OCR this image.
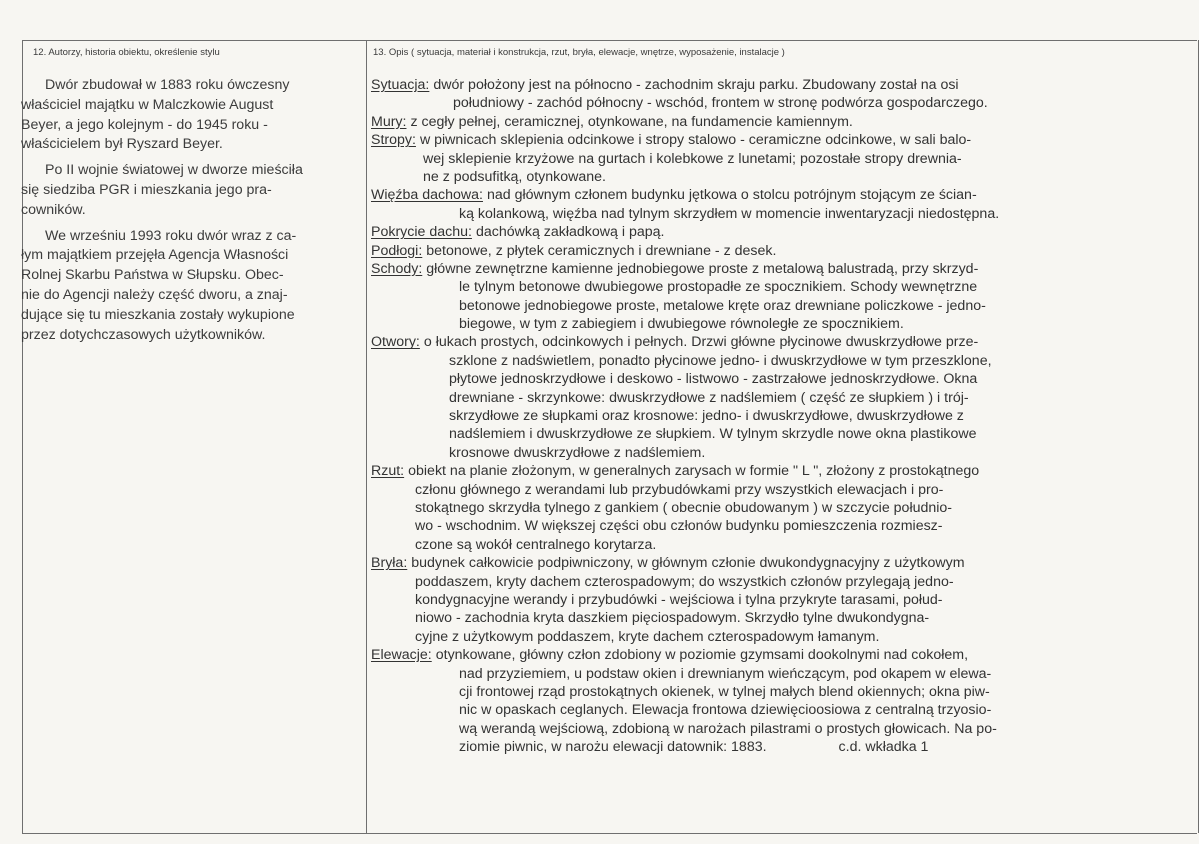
12. Autorzy, historia obiektu, określenie stylu	13. Opis ( sytuacja, materiał i konstrukcja, rzut, bryła, elewacje, wnętrze, wyposażenie, instalacje )

Dwór zbudował w 1883 roku ówczesny
właściciel majątku w Malczkowie August
Beyer, a jego kolejnym - do 1945 roku -
właścicielem był Ryszard Beyer.

Po II wojnie światowej w dworze mieściła
się siedziba PGR i mieszkania jego pra-
cowników.

We wrześniu 1993 roku dwór wraz z ca-
łym majątkiem przejęła Agencja Własności
Rolnej Skarbu Państwa w Słupsku. Obec-
nie do Agencji należy część dworu, a znaj-
dujące się tu mieszkania zostały wykupione
przez dotychczasowych użytkowników.

Sytuacja: dwór położony jest na północno - zachodnim skraju parku. Zbudowany został na osi
południowy - zachód północny - wschód, frontem w stronę podwórza gospodarczego.
Mury: z cegły pełnej, ceramicznej, otynkowane, na fundamencie kamiennym.
Stropy: w piwnicach sklepienia odcinkowe i stropy stalowo - ceramiczne odcinkowe, w sali balo-
wej sklepienie krzyżowe na gurtach i kolebkowe z lunetami; pozostałe stropy drewnia-
ne z podsufitką, otynkowane.
Więźba dachowa: nad głównym członem budynku jętkowa o stolcu potrójnym stojącym ze ścian-
ką kolankową, więźba nad tylnym skrzydłem w momencie inwentaryzacji niedostępna.
Pokrycie dachu: dachówką zakładkową i papą.
Podłogi: betonowe, z płytek ceramicznych i drewniane - z desek.
Schody: główne zewnętrzne kamienne jednobiegowe proste z metalową balustradą, przy skrzyd-
le tylnym betonowe dwubiegowe prostopadłe ze spocznikiem. Schody wewnętrzne
betonowe jednobiegowe proste, metalowe kręte oraz drewniane policzkowe - jedno-
biegowe, w tym z zabiegiem i dwubiegowe równoległe ze spocznikiem.
Otwory: o łukach prostych, odcinkowych i pełnych. Drzwi główne płycinowe dwuskrzydłowe prze-
szklone z nadświetlem, ponadto płycinowe jedno- i dwuskrzydłowe w tym przeszklone,
płytowe jednoskrzydłowe i deskowo - listwowo - zastrzałowe jednoskrzydłowe. Okna
drewniane - skrzynkowe: dwuskrzydłowe z nadślemiem ( część ze słupkiem ) i trój-
skrzydłowe ze słupkami oraz krosnowe: jedno- i dwuskrzydłowe, dwuskrzydłowe z
nadślemiem i dwuskrzydłowe ze słupkiem. W tylnym skrzydle nowe okna plastikowe
krosnowe dwuskrzydłowe z nadślemiem.
Rzut: obiekt na planie złożonym, w generalnych zarysach w formie " L ", złożony z prostokątnego
członu głównego z werandami lub przybudówkami przy wszystkich elewacjach i pro-
stokątnego skrzydła tylnego z gankiem ( obecnie obudowanym ) w szczycie południo-
wo - wschodnim. W większej części obu członów budynku pomieszczenia rozmiesz-
czone są wokół centralnego korytarza.
Bryła: budynek całkowicie podpiwniczony, w głównym członie dwukondygnacyjny z użytkowym
poddaszem, kryty dachem czterospadowym; do wszystkich członów przylegają jedno-
kondygnacyjne werandy i przybudówki - wejściowa i tylna przykryte tarasami, połud-
niowo - zachodnia kryta daszkiem pięciospadowym. Skrzydło tylne dwukondygna-
cyjne z użytkowym poddaszem, kryte dachem czterospadowym łamanym.
Elewacje: otynkowane, główny człon zdobiony w poziomie gzymsami dookolnymi nad cokołem,
nad przyziemiem, u podstaw okien i drewnianym wieńczącym, pod okapem w elewa-
cji frontowej rząd prostokątnych okienek, w tylnej małych blend okiennych; okna piw-
nic w opaskach ceglanych. Elewacja frontowa dziewięcioosiowa z centralną trzyosio-
wą werandą wejściową, zdobioną w narożach pilastrami o prostych głowicach. Na po-
ziomie piwnic, w narożu elewacji datownik: 1883.	c.d. wkładka 1
